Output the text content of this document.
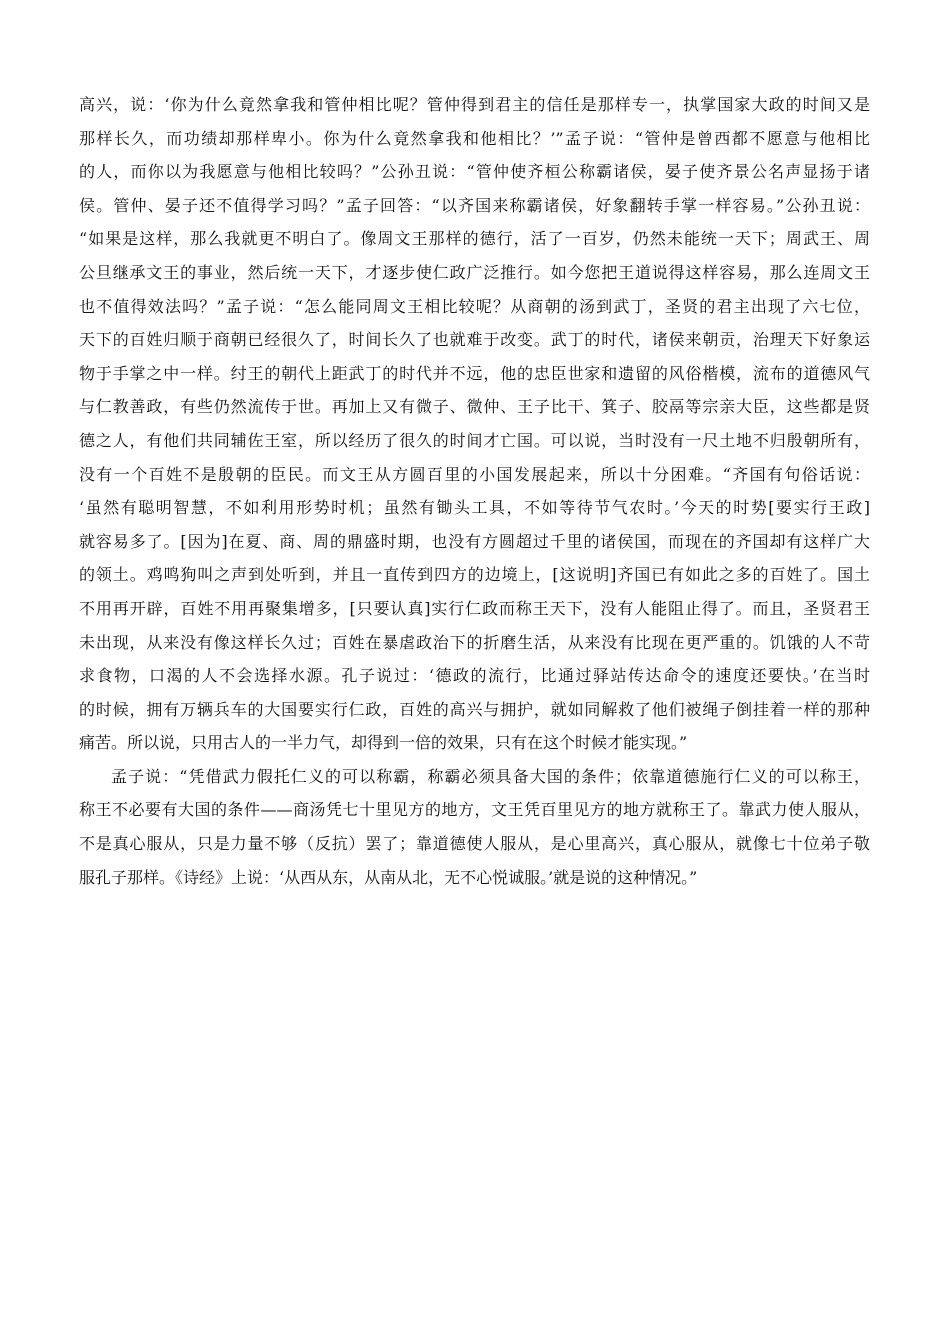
高兴，说：‘你为什么竟然拿我和管仲相比呢？管仲得到君主的信任是那样专一，执掌国家大政的时间又是
那样长久，而功绩却那样卑小。你为什么竟然拿我和他相比？’”孟子说：“管仲是曾西都不愿意与他相比
的人，而你以为我愿意与他相比较吗？”公孙丑说：“管仲使齐桓公称霸诸侯，晏子使齐景公名声显扬于诸
侯。管仲、晏子还不值得学习吗？”孟子回答：“以齐国来称霸诸侯，好象翻转手掌一样容易。”公孙丑说：
“如果是这样，那么我就更不明白了。像周文王那样的德行，活了一百岁，仍然未能统一天下；周武王、周
公旦继承文王的事业，然后统一天下，才逐步使仁政广泛推行。如今您把王道说得这样容易，那么连周文王
也不值得效法吗？”孟子说：“怎么能同周文王相比较呢？从商朝的汤到武丁，圣贤的君主出现了六七位，
天下的百姓归顺于商朝已经很久了，时间长久了也就难于改变。武丁的时代，诸侯来朝贡，治理天下好象运
物于手掌之中一样。纣王的朝代上距武丁的时代并不远，他的忠臣世家和遗留的风俗楷模，流布的道德风气
与仁教善政，有些仍然流传于世。再加上又有微子、微仲、王子比干、箕子、胶鬲等宗亲大臣，这些都是贤
德之人，有他们共同辅佐王室，所以经历了很久的时间才亡国。可以说，当时没有一尺土地不归殷朝所有，
没有一个百姓不是殷朝的臣民。而文王从方圆百里的小国发展起来，所以十分困难。“齐国有句俗话说：
‘虽然有聪明智慧，不如利用形势时机；虽然有锄头工具，不如等待节气农时。’今天的时势[要实行王政]
就容易多了。[因为]在夏、商、周的鼎盛时期，也没有方圆超过千里的诸侯国，而现在的齐国却有这样广大
的领土。鸡鸣狗叫之声到处听到，并且一直传到四方的边境上，[这说明]齐国已有如此之多的百姓了。国土
不用再开辟，百姓不用再聚集增多，[只要认真]实行仁政而称王天下，没有人能阻止得了。而且，圣贤君王
未出现，从来没有像这样长久过；百姓在暴虐政治下的折磨生活，从来没有比现在更严重的。饥饿的人不苛
求食物，口渴的人不会选择水源。孔子说过：‘德政的流行，比通过驿站传达命令的速度还要快。’在当时
的时候，拥有万辆兵车的大国要实行仁政，百姓的高兴与拥护，就如同解救了他们被绳子倒挂着一样的那种
痛苦。所以说，只用古人的一半力气，却得到一倍的效果，只有在这个时候才能实现。”
孟子说：“凭借武力假托仁义的可以称霸，称霸必须具备大国的条件；依靠道德施行仁义的可以称王，
称王不必要有大国的条件——商汤凭七十里见方的地方，文王凭百里见方的地方就称王了。靠武力使人服从，
不是真心服从，只是力量不够（反抗）罢了；靠道德使人服从，是心里高兴，真心服从，就像七十位弟子敬
服孔子那样。《诗经》上说：‘从西从东，从南从北，无不心悦诚服。’就是说的这种情况。”
